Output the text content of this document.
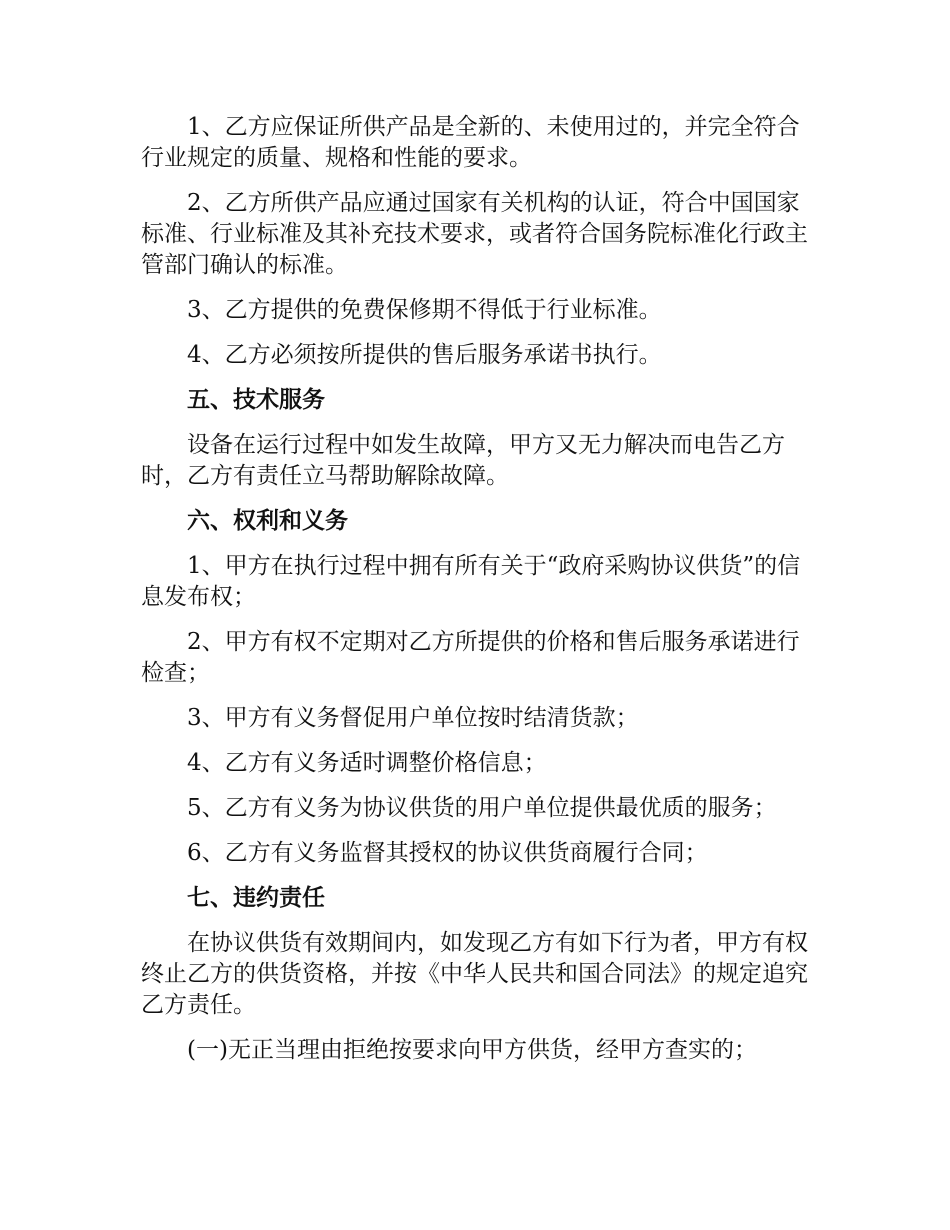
1、乙方应保证所供产品是全新的、未使用过的，并完全符合行业规定的质量、规格和性能的要求。

2、乙方所供产品应通过国家有关机构的认证，符合中国国家标准、行业标准及其补充技术要求，或者符合国务院标准化行政主管部门确认的标准。

3、乙方提供的免费保修期不得低于行业标准。

4、乙方必须按所提供的售后服务承诺书执行。

五、技术服务

设备在运行过程中如发生故障，甲方又无力解决而电告乙方时，乙方有责任立马帮助解除故障。

六、权利和义务

1、甲方在执行过程中拥有所有关于“政府采购协议供货”的信息发布权；

2、甲方有权不定期对乙方所提供的价格和售后服务承诺进行检查；

3、甲方有义务督促用户单位按时结清货款；

4、乙方有义务适时调整价格信息；

5、乙方有义务为协议供货的用户单位提供最优质的服务；

6、乙方有义务监督其授权的协议供货商履行合同；

七、违约责任

在协议供货有效期间内，如发现乙方有如下行为者，甲方有权终止乙方的供货资格，并按《中华人民共和国合同法》的规定追究乙方责任。

(一)无正当理由拒绝按要求向甲方供货，经甲方查实的；
